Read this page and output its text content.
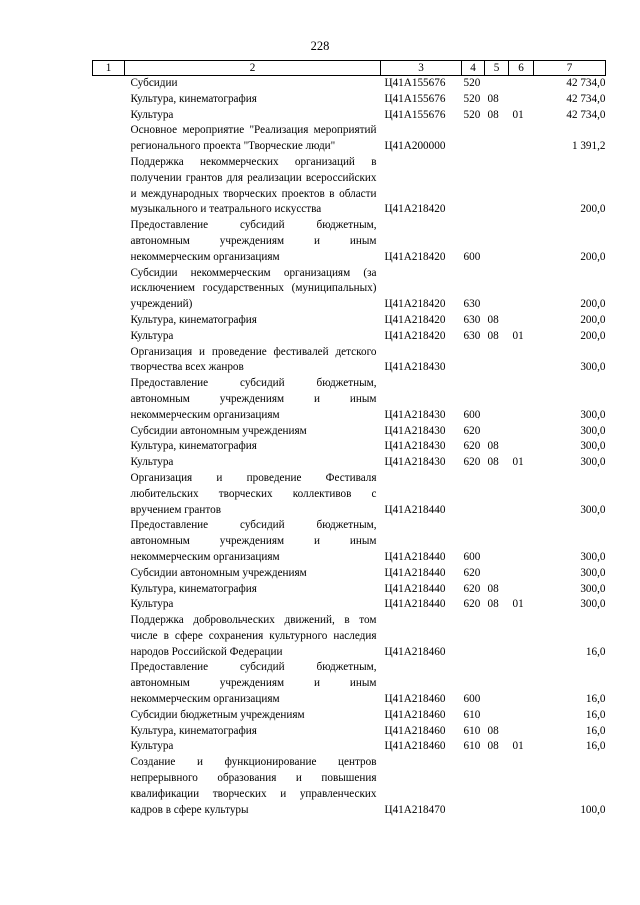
228
1	2	3	4	5	6	7
	Субсидии	Ц41А155676	520			42 734,0
	Культура, кинематография	Ц41А155676	520	08		42 734,0
	Культура	Ц41А155676	520	08	01	42 734,0
	Основное мероприятие "Реализация мероприятий регионального проекта "Творческие люди"	Ц41А200000				1 391,2
	Поддержка некоммерческих организаций в получении грантов для реализации всероссийских и международных творческих проектов в области музыкального и театрального искусства	Ц41А218420				200,0
	Предоставление субсидий бюджетным, автономным учреждениям и иным некоммерческим организациям	Ц41А218420	600			200,0
	Субсидии некоммерческим организациям (за исключением государственных (муниципальных) учреждений)	Ц41А218420	630			200,0
	Культура, кинематография	Ц41А218420	630	08		200,0
	Культура	Ц41А218420	630	08	01	200,0
	Организация и проведение фестивалей детского творчества всех жанров	Ц41А218430				300,0
	Предоставление субсидий бюджетным, автономным учреждениям и иным некоммерческим организациям	Ц41А218430	600			300,0
	Субсидии автономным учреждениям	Ц41А218430	620			300,0
	Культура, кинематография	Ц41А218430	620	08		300,0
	Культура	Ц41А218430	620	08	01	300,0
	Организация и проведение Фестиваля любительских творческих коллективов с вручением грантов	Ц41А218440				300,0
	Предоставление субсидий бюджетным, автономным учреждениям и иным некоммерческим организациям	Ц41А218440	600			300,0
	Субсидии автономным учреждениям	Ц41А218440	620			300,0
	Культура, кинематография	Ц41А218440	620	08		300,0
	Культура	Ц41А218440	620	08	01	300,0
	Поддержка добровольческих движений, в том числе в сфере сохранения культурного наследия народов Российской Федерации	Ц41А218460				16,0
	Предоставление субсидий бюджетным, автономным учреждениям и иным некоммерческим организациям	Ц41А218460	600			16,0
	Субсидии бюджетным учреждениям	Ц41А218460	610			16,0
	Культура, кинематография	Ц41А218460	610	08		16,0
	Культура	Ц41А218460	610	08	01	16,0
	Создание и функционирование центров непрерывного образования и повышения квалификации творческих и управленческих кадров в сфере культуры	Ц41А218470				100,0
